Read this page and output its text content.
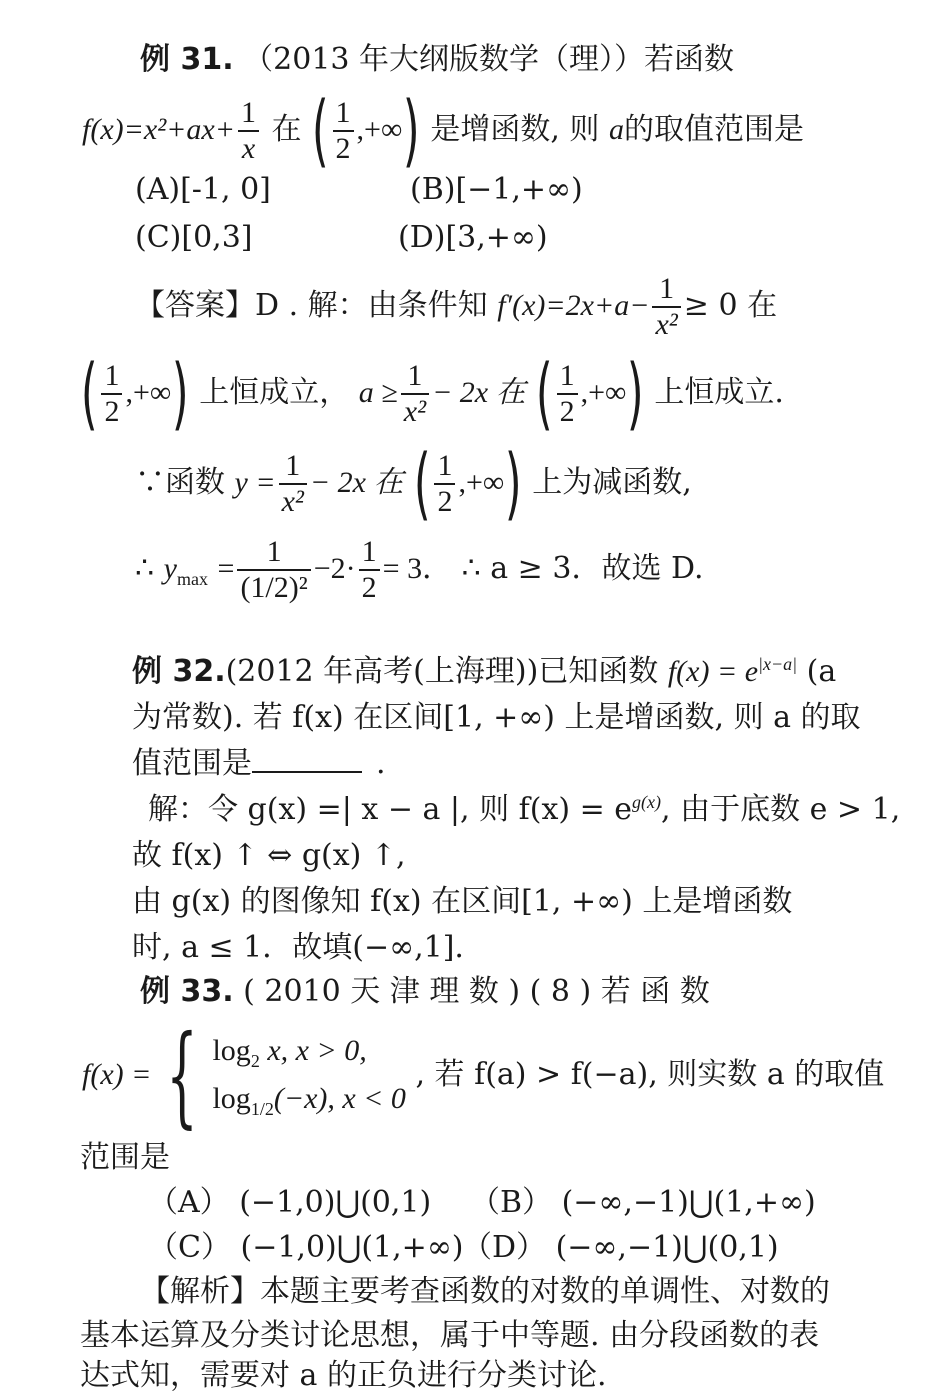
例 31. （2013 年大纲版数学（理））若函数
$f(x)=x^2+ax+ \frac{1}{x}$ 在 ( $\frac{1}{2}$ ,+∞) 是增函数, 则 a的取值范围是
(A)[-1, 0]	(B)[−1,+∞)
(C)[0,3]	(D)[3,+∞)
【答案】D . 解：由条件知 $f'(x)=2x+a- \frac{1}{\text{x²}} \ge 0$ 在
( $\frac{1}{2}$ ,+∞) 上恒成立， $a \ge \frac{1}{\text{x²}} - 2x$ 在 ( $\frac{1}{2}$ ,+∞) 上恒成立.
∵函数 $y = \frac{1}{\text{x²}} - 2x$ 在 ( $\frac{1}{2}$ ,+∞) 上为减函数,
∴ $y_{max} = \frac{1}{\text{(1/2)²}} -2\cdot \frac{1}{2} = 3$． ∴ a ≥ 3．故选 D.
例 32.(2012 年高考(上海理))已知函数 $f(x) = e^{|x-a|}$ (a
为常数). 若 f(x) 在区间[1, +∞) 上是增函数, 则 a 的取
值范围是	.
解：令 g(x) =| x − a |, 则 $f(x) = e^{g(x)}$, 由于底数 e > 1,
故 f(x) ↑ ⇔ g(x) ↑,
由 g(x) 的图像知 f(x) 在区间[1, +∞) 上是增函数
时, a ≤ 1．故填(−∞,1].
例 33. ( 2010 天 津 理 数 ) ( 8 ) 若 函 数
f(x) = { $\log_2 x$, x > 0,
$\log_{1/2}(-x)$, x < 0
, 若 f(a) > f(−a), 则实数 a 的取值
范围是
（A） (−1,0)⋃(0,1) （B） (−∞,−1)⋃(1,+∞)
（C） (−1,0)⋃(1,+∞)
（D） (−∞,−1)⋃(0,1)
【解析】本题主要考查函数的对数的单调性、对数的
基本运算及分类讨论思想，属于中等题. 由分段函数的表
达式知，需要对 a 的正负进行分类讨论.
